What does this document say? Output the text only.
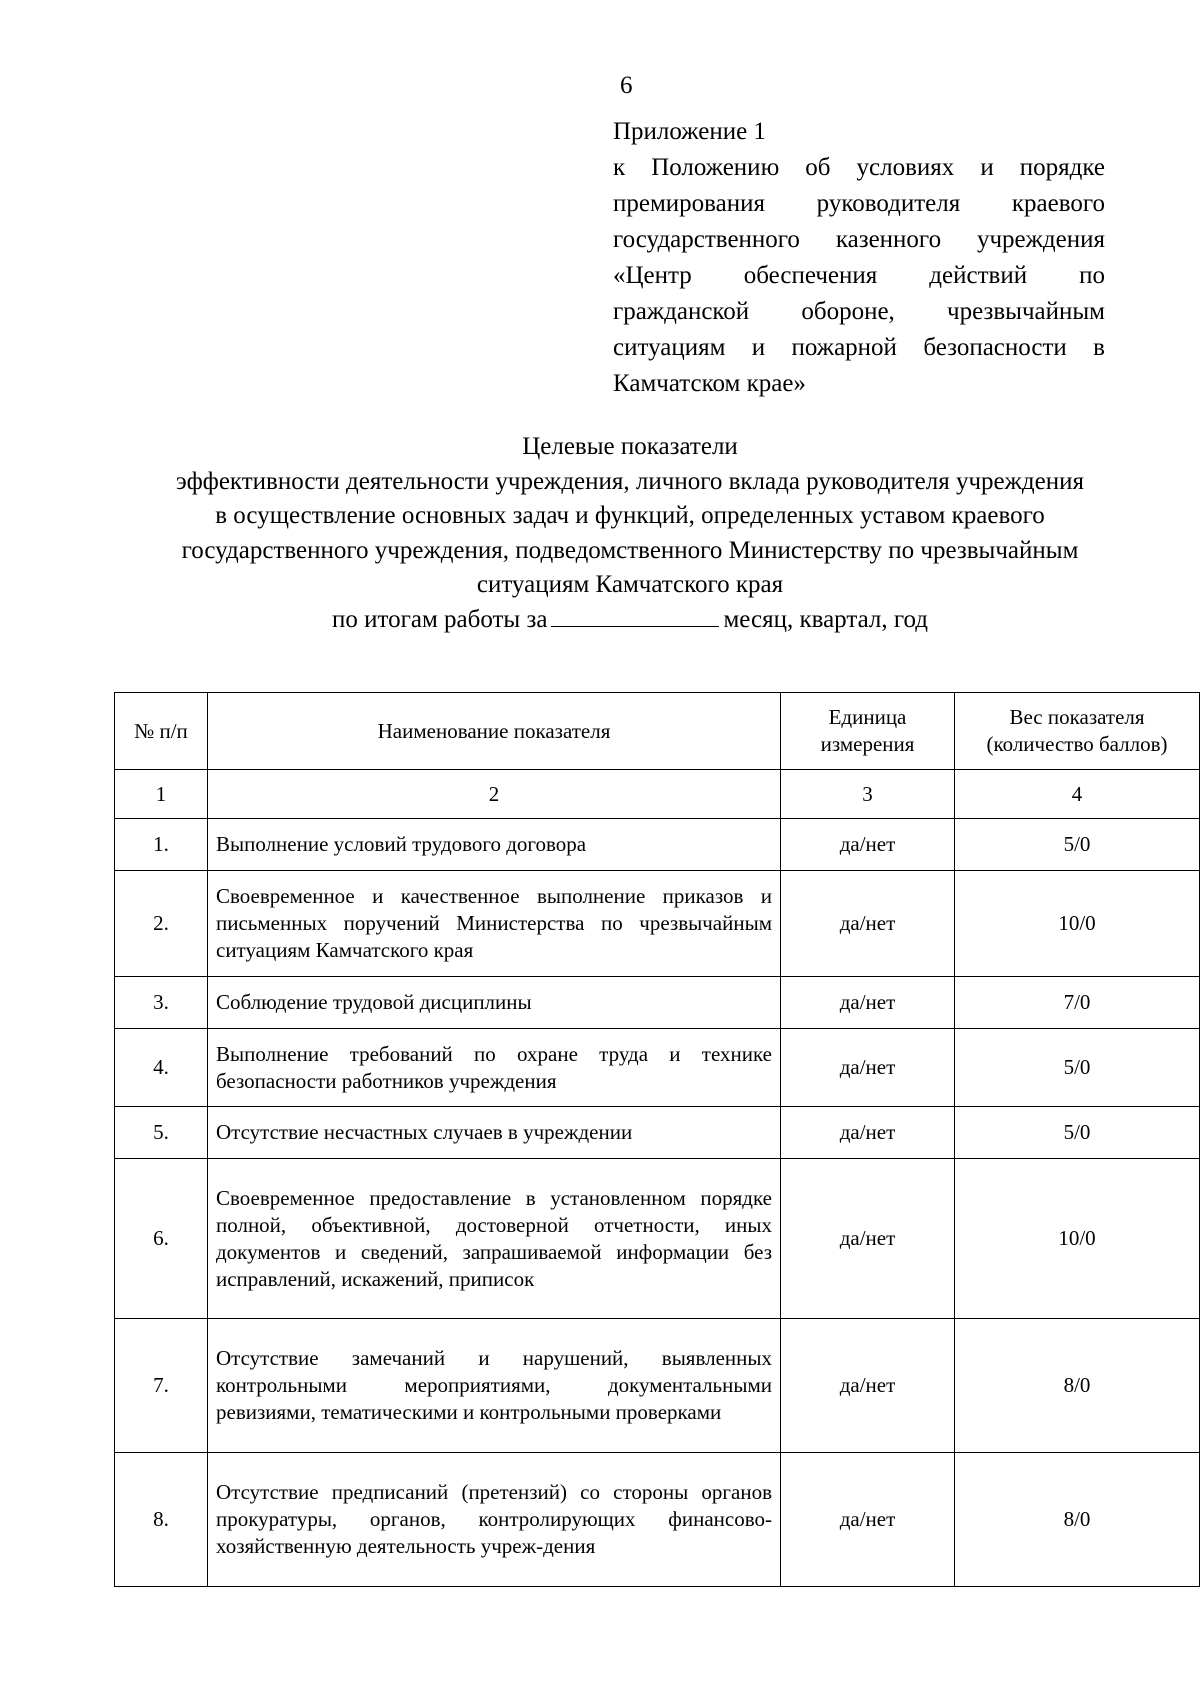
6
Приложение 1
к Положению об условиях и порядке премирования руководителя краевого государственного казенного учреждения «Центр обеспечения действий по гражданской обороне, чрезвычайным ситуациям и пожарной безопасности в Камчатском крае»
Целевые показатели
эффективности деятельности учреждения, личного вклада руководителя учреждения
в осуществление основных задач и функций, определенных уставом краевого
государственного учреждения, подведомственного Министерству по чрезвычайным
ситуациям Камчатского края
по итогам работы за	месяц, квартал, год
№ п/п	Наименование показателя	Единица измерения	Вес показателя (количество баллов)
1	2	3	4
1.	Выполнение условий трудового договора	да/нет	5/0
2.	Своевременное и качественное выполнение приказов и письменных поручений Министерства по чрезвычайным ситуациям Камчатского края	да/нет	10/0
3.	Соблюдение трудовой дисциплины	да/нет	7/0
4.	Выполнение требований по охране труда и технике безопасности работников учреждения	да/нет	5/0
5.	Отсутствие несчастных случаев в учреждении	да/нет	5/0
6.	Своевременное предоставление в установленном порядке полной, объективной, достоверной отчетности, иных документов и сведений, запрашиваемой информации без исправлений, искажений, приписок	да/нет	10/0
7.	Отсутствие замечаний и нарушений, выявленных контрольными мероприятиями, документальными ревизиями, тематическими и контрольными проверками	да/нет	8/0
8.	Отсутствие предписаний (претензий) со стороны органов прокуратуры, органов, контролирующих финансово-хозяйственную деятельность учреж-дения	да/нет	8/0
